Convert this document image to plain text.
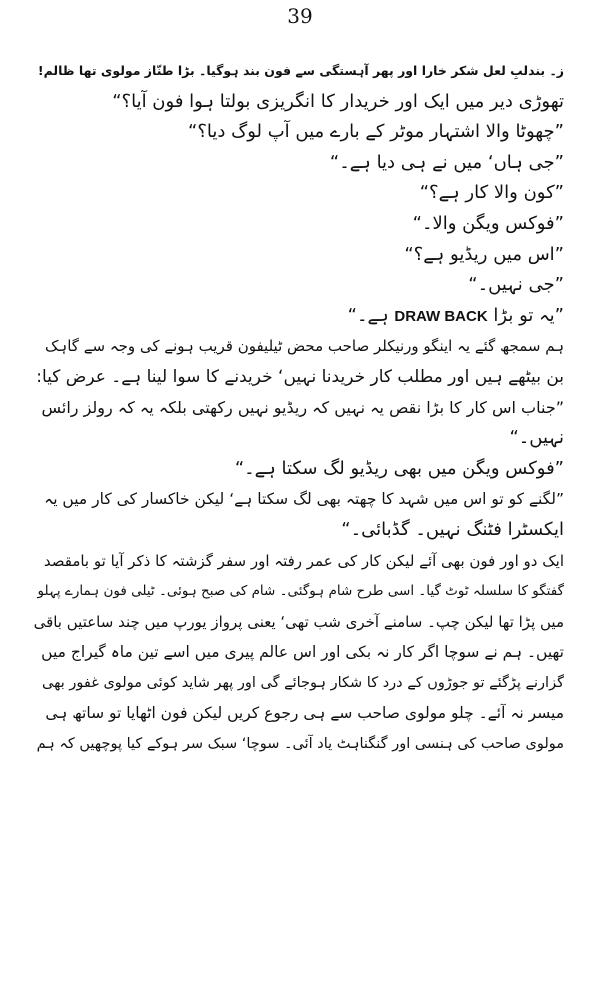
39
ز۔ بندلبِ لعل شکر خارا اور پھر آہستگی سے فون بند ہوگیا۔ بڑا طنّاز مولوی تھا ظالم!
تھوڑی دیر میں ایک اور خریدار کا انگریزی بولتا ہوا فون آیا؟“
”چھوٹا والا اشتہار موٹر کے بارے میں آپ لوگ دیا؟“
”جی ہاں‘ میں نے ہی دیا ہے۔“
”کون والا کار ہے؟“
”فوکس ویگن والا۔“
”اس میں ریڈیو ہے؟“
”جی نہیں۔“
”یہ تو بڑا DRAW BACK ہے۔“
ہم سمجھ گئے یہ اینگو ورنیکلر صاحب محض ٹیلیفون قریب ہونے کی وجہ سے گاہک
بن بیٹھے ہیں اور مطلب کار خریدنا نہیں‘ خریدنے کا سوا لینا ہے۔ عرض کیا:
”جناب اس کار کا بڑا نقص یہ نہیں کہ ریڈیو نہیں رکھتی بلکہ یہ کہ رولز رائس
نہیں۔“
”فوکس ویگن میں بھی ریڈیو لگ سکتا ہے۔“
”لگنے کو تو اس میں شہد کا چھتہ بھی لگ سکتا ہے‘ لیکن خاکسار کی کار میں یہ
ایکسٹرا فٹنگ نہیں۔ گڈبائی۔“
ایک دو اور فون بھی آئے لیکن کار کی عمر رفتہ اور سفر گزشتہ کا ذکر آیا تو بامقصد
گفتگو کا سلسلہ ٹوٹ گیا۔ اسی طرح شام ہوگئی۔ شام کی صبح ہوئی۔ ٹیلی فون ہمارے پہلو
میں پڑا تھا لیکن چپ۔ سامنے آخری شب تھی‘ یعنی پرواز یورپ میں چند ساعتیں باقی
تھیں۔ ہم نے سوچا اگر کار نہ بکی اور اس عالم پیری میں اسے تین ماہ گیراج میں
گزارنے پڑگئے تو جوڑوں کے درد کا شکار ہوجائے گی اور پھر شاید کوئی مولوی غفور بھی
میسر نہ آئے۔ چلو مولوی صاحب سے ہی رجوع کریں لیکن فون اٹھایا تو ساتھ ہی
مولوی صاحب کی ہنسی اور گنگناہٹ یاد آئی۔ سوچا‘ سبک سر ہوکے کیا پوچھیں کہ ہم
